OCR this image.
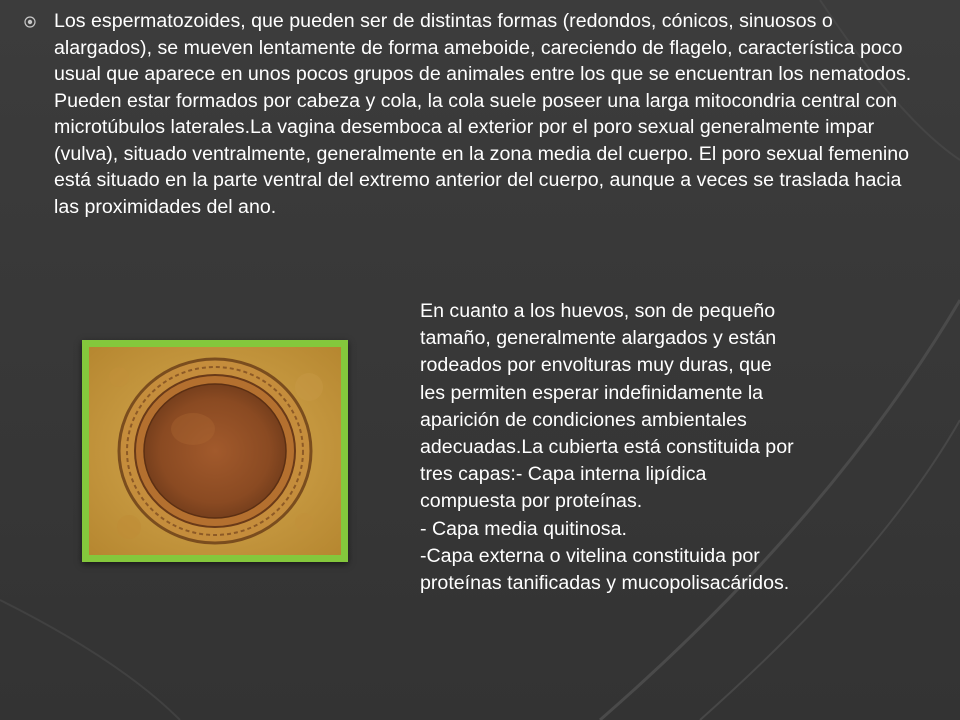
Los espermatozoides, que pueden ser de distintas formas (redondos, cónicos, sinuosos o alargados), se mueven lentamente de forma ameboide, careciendo de flagelo, característica poco usual que aparece en unos pocos grupos de animales entre los que se encuentran los nematodos. Pueden estar formados por cabeza y cola, la cola suele poseer una larga mitocondria central con microtúbulos laterales.La vagina desemboca al exterior por el poro sexual generalmente impar (vulva), situado ventralmente, generalmente en la zona media del cuerpo. El poro sexual femenino está situado en la parte ventral del extremo anterior del cuerpo, aunque a veces se traslada hacia las proximidades del ano.

En cuanto a los huevos, son de pequeño
tamaño, generalmente alargados y están
rodeados por envolturas muy duras, que
les permiten esperar indefinidamente la
aparición de condiciones ambientales
adecuadas.La cubierta está constituida por
tres capas:- Capa interna lipídica
compuesta por proteínas.
- Capa media quitinosa.
-Capa externa o vitelina constituida por
proteínas tanificadas y mucopolisacáridos.
